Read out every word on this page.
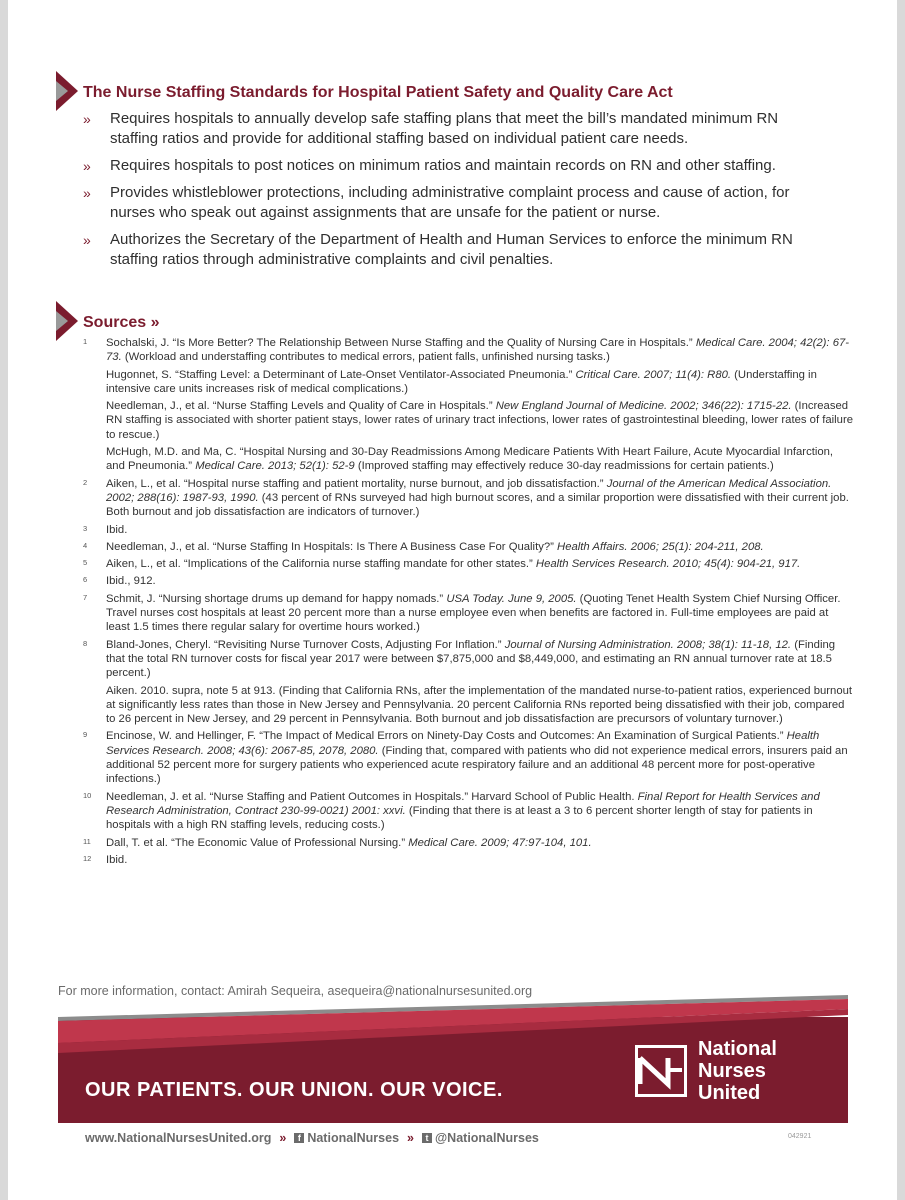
The Nurse Staffing Standards for Hospital Patient Safety and Quality Care Act
»	Requires hospitals to annually develop safe staffing plans that meet the bill’s mandated minimum RN staffing ratios and provide for additional staffing based on individual patient care needs.
»	Requires hospitals to post notices on minimum ratios and maintain records on RN and other staffing.
»	Provides whistleblower protections, including administrative complaint process and cause of action, for nurses who speak out against assignments that are unsafe for the patient or nurse.
»	Authorizes the Secretary of the Department of Health and Human Services to enforce the minimum RN staffing ratios through administrative complaints and civil penalties.
Sources »
1	Sochalski, J. “Is More Better? The Relationship Between Nurse Staffing and the Quality of Nursing Care in Hospitals.” Medical Care. 2004; 42(2): 67-73. (Workload and understaffing contributes to medical errors, patient falls, unfinished nursing tasks.)
Hugonnet, S. “Staffing Level: a Determinant of Late-Onset Ventilator-Associated Pneumonia.” Critical Care. 2007; 11(4): R80. (Understaffing in intensive care units increases risk of medical complications.)
Needleman, J., et al. “Nurse Staffing Levels and Quality of Care in Hospitals.” New England Journal of Medicine. 2002; 346(22): 1715-22. (Increased RN staffing is associated with shorter patient stays, lower rates of urinary tract infections, lower rates of gastrointestinal bleeding, lower rates of failure to rescue.)
McHugh, M.D. and Ma, C. “Hospital Nursing and 30-Day Readmissions Among Medicare Patients With Heart Failure, Acute Myocardial Infarction, and Pneumonia.” Medical Care. 2013; 52(1): 52-9 (Improved staffing may effectively reduce 30-day readmissions for certain patients.)
2	Aiken, L., et al. “Hospital nurse staffing and patient mortality, nurse burnout, and job dissatisfaction.” Journal of the American Medical Association. 2002; 288(16): 1987-93, 1990. (43 percent of RNs surveyed had high burnout scores, and a similar proportion were dissatisfied with their current job. Both burnout and job dissatisfaction are indicators of turnover.)
3	Ibid.
4	Needleman, J., et al. “Nurse Staffing In Hospitals: Is There A Business Case For Quality?” Health Affairs. 2006; 25(1): 204-211, 208.
5	Aiken, L., et al. “Implications of the California nurse staffing mandate for other states.” Health Services Research. 2010; 45(4): 904-21, 917.
6	Ibid., 912.
7	Schmit, J. “Nursing shortage drums up demand for happy nomads.” USA Today. June 9, 2005. (Quoting Tenet Health System Chief Nursing Officer. Travel nurses cost hospitals at least 20 percent more than a nurse employee even when benefits are factored in. Full-time employees are paid at least 1.5 times there regular salary for overtime hours worked.)
8	Bland-Jones, Cheryl. “Revisiting Nurse Turnover Costs, Adjusting For Inflation.” Journal of Nursing Administration. 2008; 38(1): 11-18, 12. (Finding that the total RN turnover costs for fiscal year 2017 were between $7,875,000 and $8,449,000, and estimating an RN annual turnover rate at 18.5 percent.)
Aiken. 2010. supra, note 5 at 913. (Finding that California RNs, after the implementation of the mandated nurse-to-patient ratios, experienced burnout at significantly less rates than those in New Jersey and Pennsylvania. 20 percent California RNs reported being dissatisfied with their job, compared to 26 percent in New Jersey, and 29 percent in Pennsylvania. Both burnout and job dissatisfaction are precursors of voluntary turnover.)
9	Encinose, W. and Hellinger, F. “The Impact of Medical Errors on Ninety-Day Costs and Outcomes: An Examination of Surgical Patients.” Health Services Research. 2008; 43(6): 2067-85, 2078, 2080. (Finding that, compared with patients who did not experience medical errors, insurers paid an additional 52 percent more for surgery patients who experienced acute respiratory failure and an additional 48 percent more for post-operative infections.)
10	Needleman, J. et al. “Nurse Staffing and Patient Outcomes in Hospitals.” Harvard School of Public Health. Final Report for Health Services and Research Administration, Contract 230-99-0021) 2001: xxvi. (Finding that there is at least a 3 to 6 percent shorter length of stay for patients in hospitals with a high RN staffing levels, reducing costs.)
11	Dall, T. et al. “The Economic Value of Professional Nursing.” Medical Care. 2009; 47:97-104, 101.
12	Ibid.
For more information, contact: Amirah Sequeira, asequeira@nationalnursesunited.org
National
Nurses
United
OUR PATIENTS. OUR UNION. OUR VOICE.
www.NationalNursesUnited.org »	f NationalNurses »	t @NationalNurses	042921
